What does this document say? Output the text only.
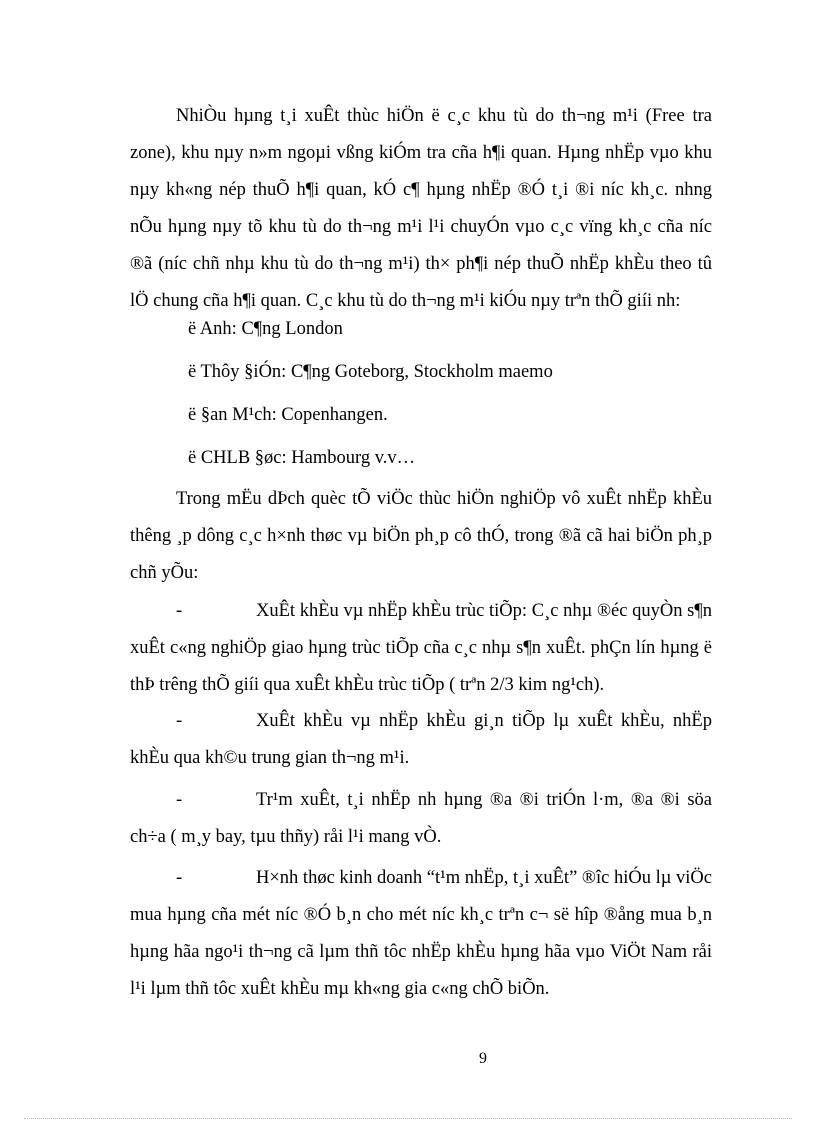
NhiÒu hµng t¸i xuÊt thùc hiÖn ë c¸c khu tù do th¬ng m¹i (Free tra zone), khu nµy n»m ngoµi vßng kiÓm tra cña h¶i quan. Hµng nhËp vµo khu nµy kh«ng nép thuÕ h¶i quan, kÓ c¶ hµng nhËp ®Ó t¸i ®i níc kh¸c. nhng nÕu hµng nµy tõ khu tù do th¬ng m¹i l¹i chuyÓn vµo c¸c vïng kh¸c cña níc ®ã (níc chñ nhµ khu tù do th¬ng m¹i) th× ph¶i nép thuÕ nhËp khÈu theo tû lÖ chung cña h¶i quan. C¸c khu tù do th¬ng m¹i kiÓu nµy trªn thÕ giíi nh:

ë Anh: C¶ng London
ë Thôy §iÓn: C¶ng Goteborg, Stockholm maemo
ë §an M¹ch: Copenhangen.
ë CHLB §øc: Hambourg v.v…

Trong mËu dÞch quèc tÕ viÖc thùc hiÖn nghiÖp vô xuÊt nhËp khÈu thêng ¸p dông c¸c h×nh thøc vµ biÖn ph¸p cô thÓ, trong ®ã cã hai biÖn ph¸p chñ yÕu:

-	XuÊt khÈu vµ nhËp khÈu trùc tiÕp: C¸c nhµ ®éc quyÒn s¶n xuÊt c«ng nghiÖp giao hµng trùc tiÕp cña c¸c nhµ s¶n xuÊt. phÇn lín hµng ë thÞ trêng thÕ giíi qua xuÊt khÈu trùc tiÕp ( trªn 2/3 kim ng¹ch).

-	XuÊt khÈu vµ nhËp khÈu gi¸n tiÕp lµ xuÊt khÈu, nhËp khÈu qua kh©u trung gian th¬ng m¹i.

-	Tr¹m xuÊt, t¸i nhËp nh hµng ®a ®i triÓn l·m, ®a ®i söa ch÷a ( m¸y bay, tµu thñy) råi l¹i mang vÒ.

-	H×nh thøc kinh doanh “t¹m nhËp, t¸i xuÊt” ®îc hiÓu lµ viÖc mua hµng cña mét níc ®Ó b¸n cho mét níc kh¸c trªn c¬ së hîp ®ång mua b¸n hµng hãa ngo¹i th¬ng cã lµm thñ tôc nhËp khÈu hµng hãa vµo ViÖt Nam råi l¹i lµm thñ tôc xuÊt khÈu mµ kh«ng gia c«ng chÕ biÕn.

9
